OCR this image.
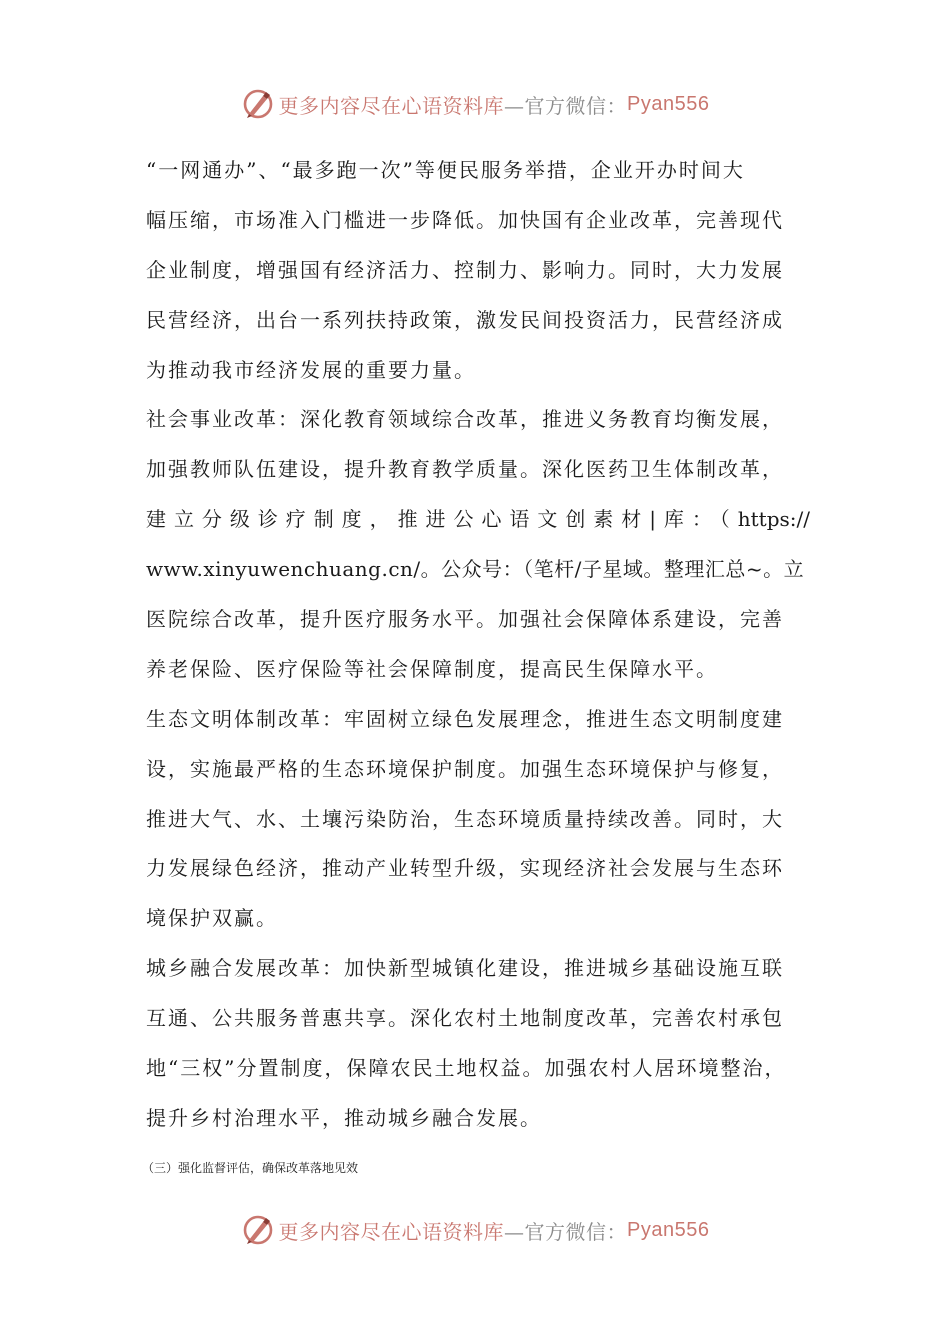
更多内容尽在心语资料库 —官方微信： Pyan556
“一网通办”、“最多跑一次”等便民服务举措，企业开办时间大
幅压缩，市场准入门槛进一步降低。加快国有企业改革，完善现代
企业制度，增强国有经济活力、控制力、影响力。同时，大力发展
民营经济，出台一系列扶持政策，激发民间投资活力，民营经济成
为推动我市经济发展的重要力量。
社会事业改革：深化教育领域综合改革，推进义务教育均衡发展，
加强教师队伍建设，提升教育教学质量。深化医药卫生体制改革，
建立分级诊疗制度，推进公心语文创素材|库：（https://
www.xinyuwenchuang.cn/。公众号：（笔杆/子星域。整理汇总~。立
医院综合改革，提升医疗服务水平。加强社会保障体系建设，完善
养老保险、医疗保险等社会保障制度，提高民生保障水平。
生态文明体制改革：牢固树立绿色发展理念，推进生态文明制度建
设，实施最严格的生态环境保护制度。加强生态环境保护与修复，
推进大气、水、土壤污染防治，生态环境质量持续改善。同时，大
力发展绿色经济，推动产业转型升级，实现经济社会发展与生态环
境保护双赢。
城乡融合发展改革：加快新型城镇化建设，推进城乡基础设施互联
互通、公共服务普惠共享。深化农村土地制度改革，完善农村承包
地“三权”分置制度，保障农民土地权益。加强农村人居环境整治，
提升乡村治理水平，推动城乡融合发展。
（三）强化监督评估，确保改革落地见效
更多内容尽在心语资料库 —官方微信： Pyan556
